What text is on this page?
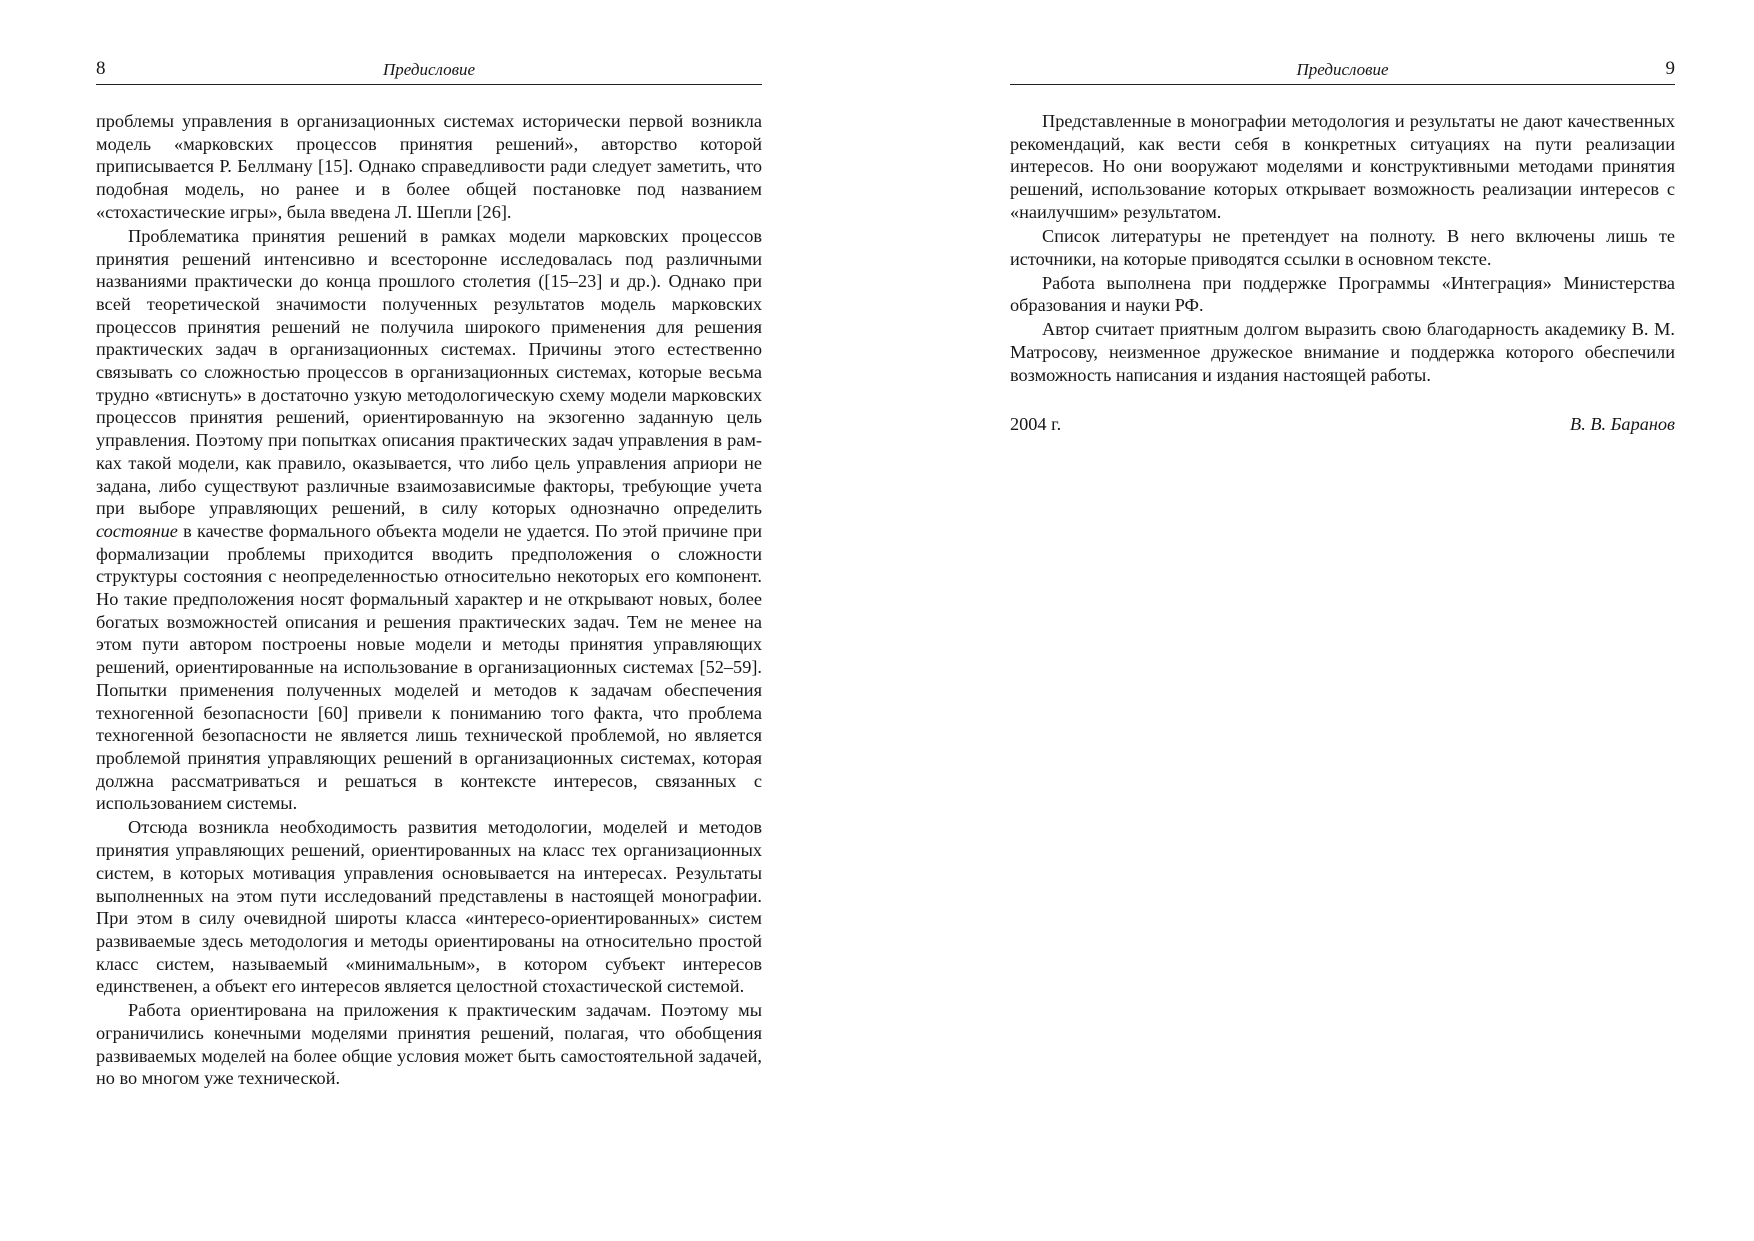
8	Предисловие

проблемы управления в организационных системах исторически первой возникла модель «марковских процессов принятия решений», авторство которой приписывается Р. Беллману [15]. Однако справедливости ради следует заметить, что подобная модель, но ранее и в более общей постановке под названием «стохастические игры», была введена Л. Шепли [26].

Проблематика принятия решений в рамках модели марковских процессов принятия решений интенсивно и всесторонне исследовалась под различными названиями практически до конца прошлого столетия ([15–23] и др.). Однако при всей теоретической значимости полученных результатов модель марковских процессов принятия решений не получила широкого применения для решения практических задач в организационных системах. Причины этого естественно связывать со сложностью процессов в организационных системах, которые весьма трудно «втиснуть» в достаточно узкую методологическую схему модели марковских процессов принятия решений, ориентированную на экзогенно заданную цель управления. Поэтому при попытках описания практических задач управления в рамках такой модели, как правило, оказывается, что либо цель управления априори не задана, либо существуют различные взаимозависимые факторы, требующие учета при выборе управляющих решений, в силу которых однозначно определить состояние в качестве формального объекта модели не удается. По этой причине при формализации проблемы приходится вводить предположения о сложности структуры состояния с неопределенностью относительно некоторых его компонент. Но такие предположения носят формальный характер и не открывают новых, более богатых возможностей описания и решения практических задач. Тем не менее на этом пути автором построены новые модели и методы принятия управляющих решений, ориентированные на использование в организационных системах [52–59]. Попытки применения полученных моделей и методов к задачам обеспечения техногенной безопасности [60] привели к пониманию того факта, что проблема техногенной безопасности не является лишь технической проблемой, но является проблемой принятия управляющих решений в организационных системах, которая должна рассматриваться и решаться в контексте интересов, связанных с использованием системы.

Отсюда возникла необходимость развития методологии, моделей и методов принятия управляющих решений, ориентированных на класс тех организационных систем, в которых мотивация управления основывается на интересах. Результаты выполненных на этом пути исследований представлены в настоящей монографии. При этом в силу очевидной широты класса «интересо-ориентированных» систем развиваемые здесь методология и методы ориентированы на относительно простой класс систем, называемый «минимальным», в котором субъект интересов единственен, а объект его интересов является целостной стохастической системой.

Работа ориентирована на приложения к практическим задачам. Поэтому мы ограничились конечными моделями принятия решений, полагая, что обобщения развиваемых моделей на более общие условия может быть самостоятельной задачей, но во многом уже технической.

Предисловие	9

Представленные в монографии методология и результаты не дают качественных рекомендаций, как вести себя в конкретных ситуациях на пути реализации интересов. Но они вооружают моделями и конструктивными методами принятия решений, использование которых открывает возможность реализации интересов с «наилучшим» результатом.

Список литературы не претендует на полноту. В него включены лишь те источники, на которые приводятся ссылки в основном тексте.

Работа выполнена при поддержке Программы «Интеграция» Министерства образования и науки РФ.

Автор считает приятным долгом выразить свою благодарность академику В. М. Матросову, неизменное дружеское внимание и поддержка которого обеспечили возможность написания и издания настоящей работы.

2004 г.	В. В. Баранов
